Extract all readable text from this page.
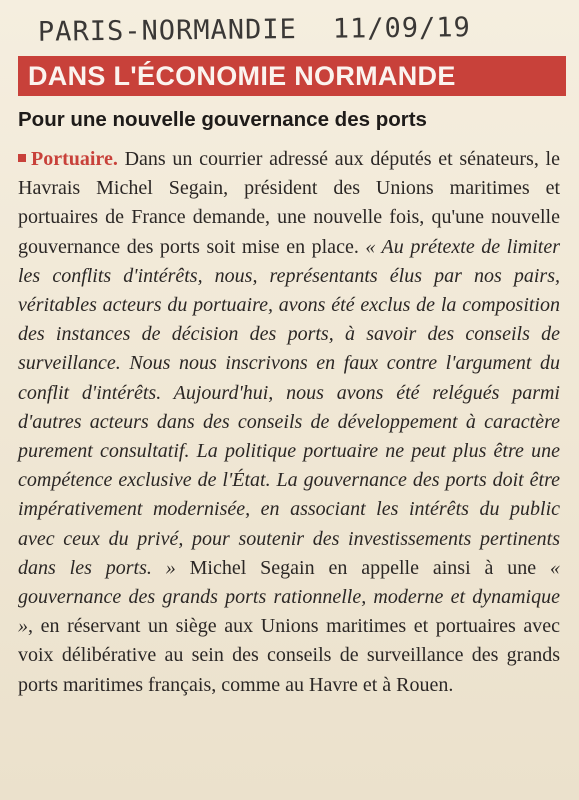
PARIS-NORMANDIE 11/09/19
DANS L'ÉCONOMIE NORMANDE
Pour une nouvelle gouvernance des ports
Portuaire. Dans un courrier adressé aux députés et sénateurs, le Havrais Michel Segain, président des Unions maritimes et portuaires de France demande, une nouvelle fois, qu'une nouvelle gouvernance des ports soit mise en place. « Au prétexte de limiter les conflits d'intérêts, nous, représentants élus par nos pairs, véritables acteurs du portuaire, avons été exclus de la composition des instances de décision des ports, à savoir des conseils de surveillance. Nous nous inscrivons en faux contre l'argument du conflit d'intérêts. Aujourd'hui, nous avons été relégués parmi d'autres acteurs dans des conseils de développement à caractère purement consultatif. La politique portuaire ne peut plus être une compétence exclusive de l'État. La gouvernance des ports doit être impérativement modernisée, en associant les intérêts du public avec ceux du privé, pour soutenir des investissements pertinents dans les ports. » Michel Segain en appelle ainsi à une « gouvernance des grands ports rationnelle, moderne et dynamique », en réservant un siège aux Unions maritimes et portuaires avec voix délibérative au sein des conseils de surveillance des grands ports maritimes français, comme au Havre et à Rouen.
